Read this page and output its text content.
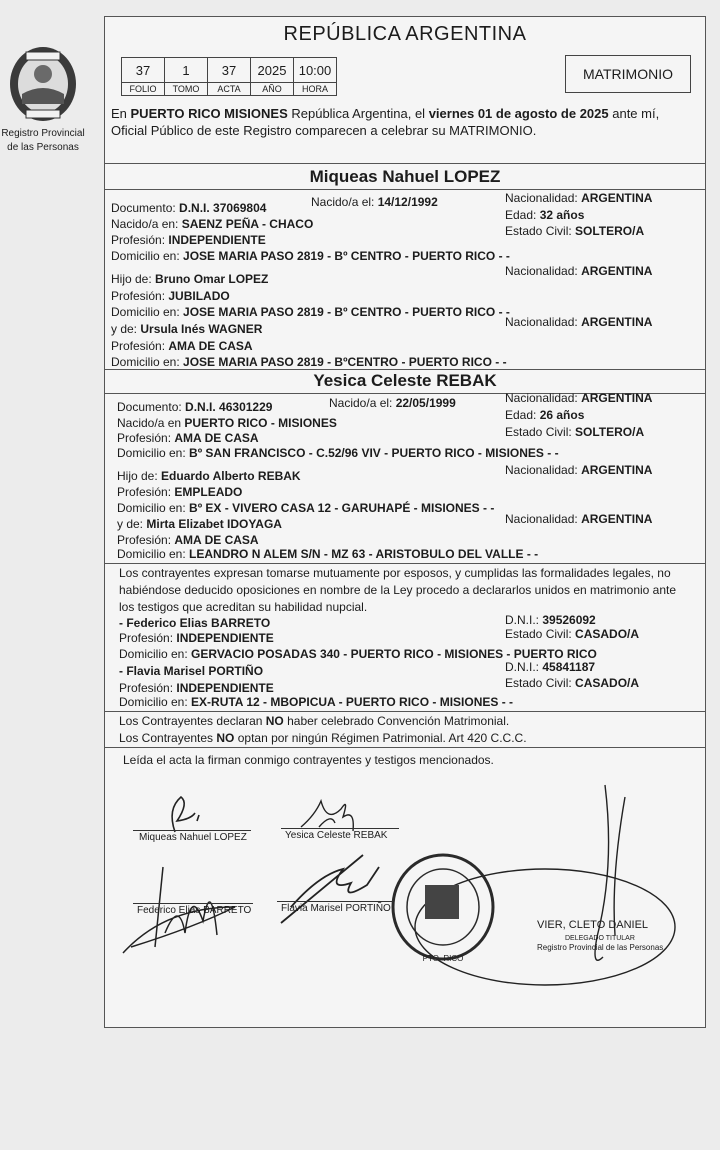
Registro Provincial
de las Personas
REPÚBLICA ARGENTINA
37	1	37	2025	10:00
FOLIO	TOMO	ACTA	AÑO	HORA
MATRIMONIO
En PUERTO RICO MISIONES República Argentina, el viernes 01 de agosto de 2025 ante mí,
Oficial Público de este Registro comparecen a celebrar su MATRIMONIO.
Miqueas Nahuel LOPEZ
Documento: D.N.I. 37069804	Nacido/a el: 14/12/1992	Nacionalidad: ARGENTINA
Nacido/a en: SAENZ PEÑA - CHACO
Edad: 32 años
Profesión: INDEPENDIENTE
Estado Civil: SOLTERO/A
Domicilio en: JOSE MARIA PASO 2819 - Bº CENTRO - PUERTO RICO - -
Hijo de: Bruno Omar LOPEZ
Nacionalidad: ARGENTINA
Profesión: JUBILADO
Domicilio en: JOSE MARIA PASO 2819 - Bº CENTRO - PUERTO RICO - -
y de: Ursula Inés WAGNER	Nacionalidad: ARGENTINA
Profesión: AMA DE CASA
Domicilio en: JOSE MARIA PASO 2819 - BºCENTRO - PUERTO RICO - -
Yesica Celeste REBAK
Documento: D.N.I. 46301229	Nacido/a el: 22/05/1999	Nacionalidad: ARGENTINA
Nacido/a en PUERTO RICO - MISIONES
Edad: 26 años
Profesión: AMA DE CASA	Estado Civil: SOLTERO/A
Domicilio en: Bº SAN FRANCISCO - C.52/96 VIV - PUERTO RICO - MISIONES - -
Hijo de: Eduardo Alberto REBAK	Nacionalidad: ARGENTINA
Profesión: EMPLEADO
Domicilio en: Bº EX - VIVERO CASA 12 - GARUHAPÉ - MISIONES - -
y de: Mirta Elizabet IDOYAGA	Nacionalidad: ARGENTINA
Profesión: AMA DE CASA
Domicilio en: LEANDRO N ALEM S/N - MZ 63 - ARISTOBULO DEL VALLE - -
Los contrayentes expresan tomarse mutuamente por esposos, y cumplidas las formalidades legales, no
habiéndose deducido oposiciones en nombre de la Ley procedo a declararlos unidos en matrimonio ante
los testigos que acreditan su habilidad nupcial.
- Federico Elias BARRETO	D.N.I.: 39526092
Profesión: INDEPENDIENTE	Estado Civil: CASADO/A
Domicilio en: GERVACIO POSADAS 340 - PUERTO RICO - MISIONES - PUERTO RICO
- Flavia Marisel PORTIÑO	D.N.I.: 45841187
Profesión: INDEPENDIENTE	Estado Civil: CASADO/A
Domicilio en: EX-RUTA 12 - MBOPICUA - PUERTO RICO - MISIONES - -
Los Contrayentes declaran NO haber celebrado Convención Matrimonial.
Los Contrayentes NO optan por ningún Régimen Patrimonial. Art 420 C.C.C.
Leída el acta la firman conmigo contrayentes y testigos mencionados.
PTO. RICO
Miqueas Nahuel LOPEZ	Yesica Celeste REBAK
Federico Elias BARRETO	Flavia Marisel PORTIÑO
VIER, CLETO DANIEL
DELEGADO TITULAR
Registro Provincial de las Personas
